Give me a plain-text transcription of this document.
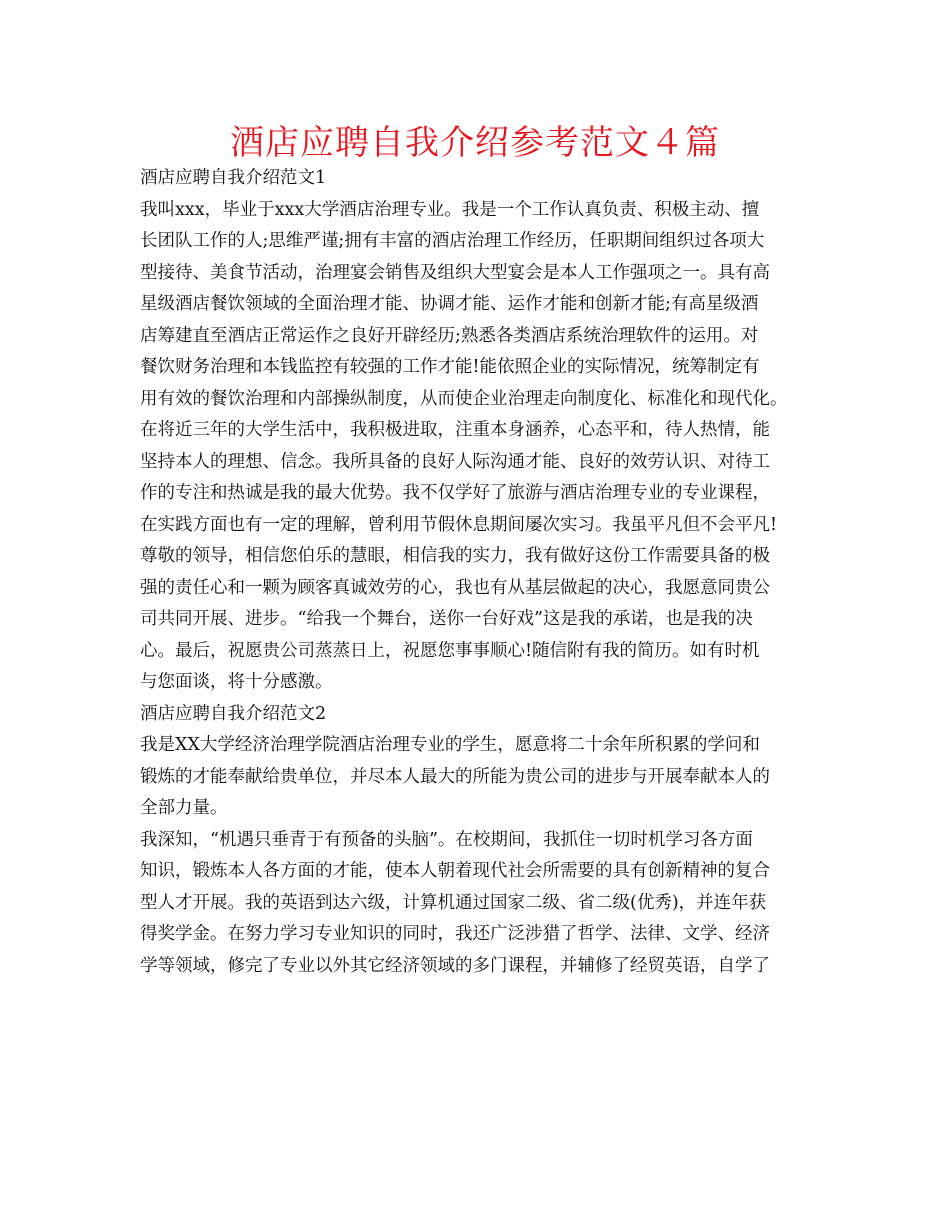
酒店应聘自我介绍参考范文４篇
酒店应聘自我介绍范文1
我叫xxx，毕业于xxx大学酒店治理专业。我是一个工作认真负责、积极主动、擅
长团队工作的人;思维严谨;拥有丰富的酒店治理工作经历，任职期间组织过各项大
型接待、美食节活动，治理宴会销售及组织大型宴会是本人工作强项之一。具有高
星级酒店餐饮领域的全面治理才能、协调才能、运作才能和创新才能;有高星级酒
店筹建直至酒店正常运作之良好开辟经历;熟悉各类酒店系统治理软件的运用。对
餐饮财务治理和本钱监控有较强的工作才能!能依照企业的实际情况，统筹制定有
用有效的餐饮治理和内部操纵制度，从而使企业治理走向制度化、标准化和现代化。
在将近三年的大学生活中，我积极进取，注重本身涵养，心态平和，待人热情，能
坚持本人的理想、信念。我所具备的良好人际沟通才能、良好的效劳认识、对待工
作的专注和热诚是我的最大优势。我不仅学好了旅游与酒店治理专业的专业课程，
在实践方面也有一定的理解，曾利用节假休息期间屡次实习。我虽平凡但不会平凡!
尊敬的领导，相信您伯乐的慧眼，相信我的实力，我有做好这份工作需要具备的极
强的责任心和一颗为顾客真诚效劳的心，我也有从基层做起的决心，我愿意同贵公
司共同开展、进步。“给我一个舞台，送你一台好戏”这是我的承诺，也是我的决
心。最后，祝愿贵公司蒸蒸日上，祝愿您事事顺心!随信附有我的简历。如有时机
与您面谈，将十分感激。
酒店应聘自我介绍范文2
我是XX大学经济治理学院酒店治理专业的学生，愿意将二十余年所积累的学问和
锻炼的才能奉献给贵单位，并尽本人最大的所能为贵公司的进步与开展奉献本人的
全部力量。
我深知，“机遇只垂青于有预备的头脑”。在校期间，我抓住一切时机学习各方面
知识，锻炼本人各方面的才能，使本人朝着现代社会所需要的具有创新精神的复合
型人才开展。我的英语到达六级，计算机通过国家二级、省二级(优秀)，并连年获
得奖学金。在努力学习专业知识的同时，我还广泛涉猎了哲学、法律、文学、经济
学等领域，修完了专业以外其它经济领域的多门课程，并辅修了经贸英语，自学了
